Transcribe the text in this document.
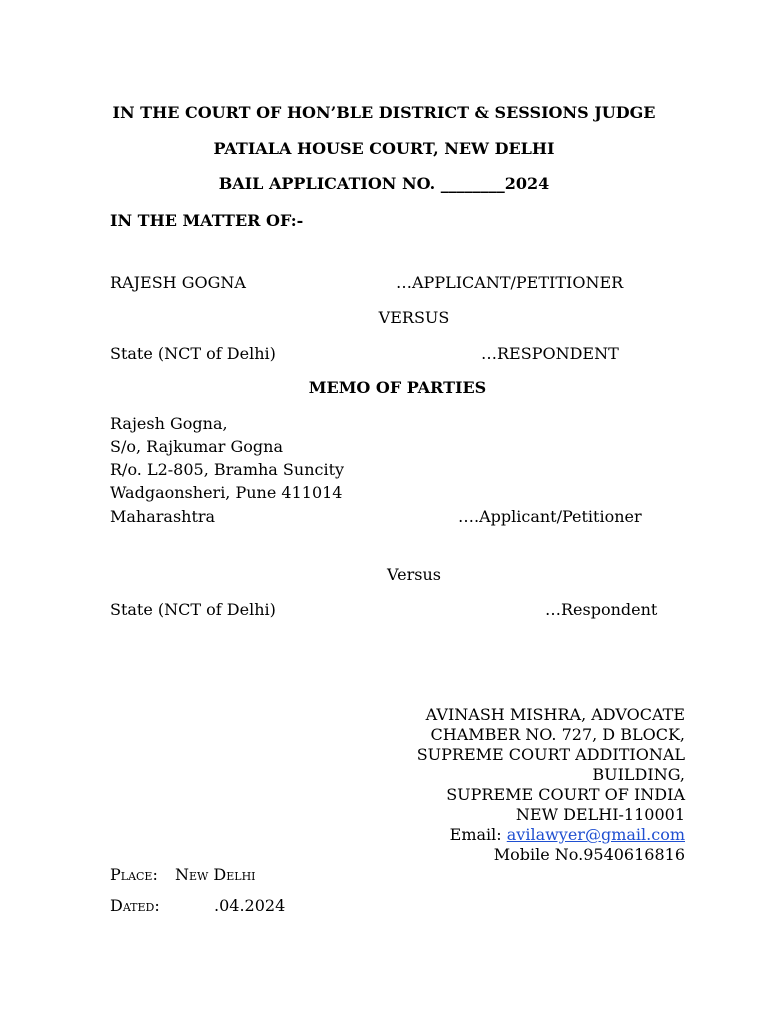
IN THE COURT OF HON’BLE DISTRICT & SESSIONS JUDGE
PATIALA HOUSE COURT, NEW DELHI
BAIL APPLICATION NO. ________2024
IN THE MATTER OF:-
RAJESH GOGNA	…APPLICANT/PETITIONER
VERSUS
State (NCT of Delhi)	…RESPONDENT
MEMO OF PARTIES
Rajesh Gogna,
S/o, Rajkumar Gogna
R/o. L2-805, Bramha Suncity
Wadgaonsheri, Pune 411014
Maharashtra	….Applicant/Petitioner
Versus
State (NCT of Delhi)	…Respondent
AVINASH MISHRA, ADVOCATE
CHAMBER NO. 727, D BLOCK,
SUPREME COURT ADDITIONAL
BUILDING,
SUPREME COURT OF INDIA
NEW DELHI-110001
Email: avilawyer@gmail.com
Mobile No.9540616816
Place: New Delhi
Dated:	.04.2024
